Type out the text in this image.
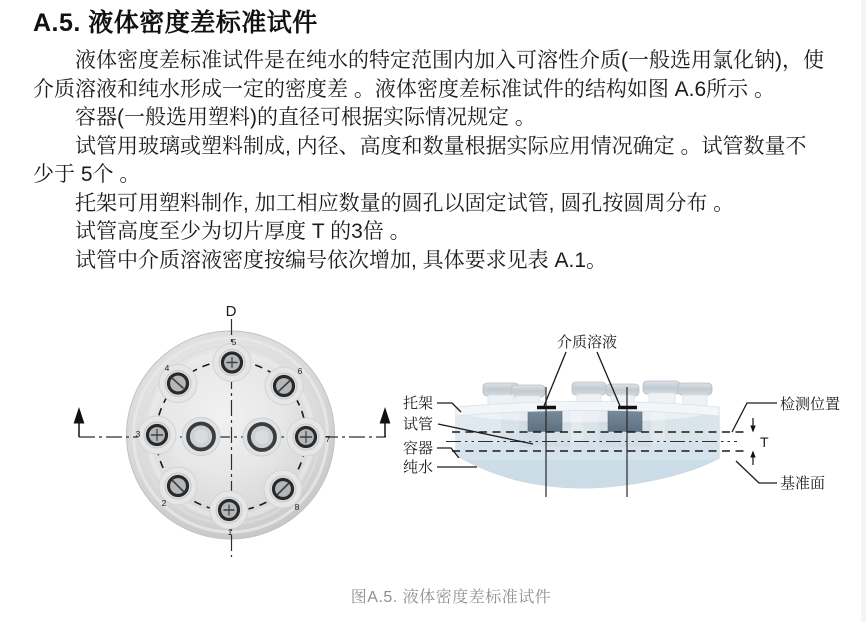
A.5. 液体密度差标准试件
液体密度差标准试件是在纯水的特定范围内加入可溶性介质(一般选用氯化钠)，使
介质溶液和纯水形成一定的密度差 。液体密度差标准试件的结构如图 A.6所示 。
容器(一般选用塑料)的直径可根据实际情况规定 。
试管用玻璃或塑料制成, 内径、高度和数量根据实际应用情况确定 。试管数量不
少于 5个 。
托架可用塑料制作, 加工相应数量的圆孔以固定试管, 圆孔按圆周分布 。
试管高度至少为切片厚度 T 的3倍 。
试管中介质溶液密度按编号依次增加, 具体要求见表 A.1。
D
5
4	6
3	7
2	8
1
T
介质溶液
托架
试管
容器
纯水
检测位置
基准面
图A.5. 液体密度差标准试件
